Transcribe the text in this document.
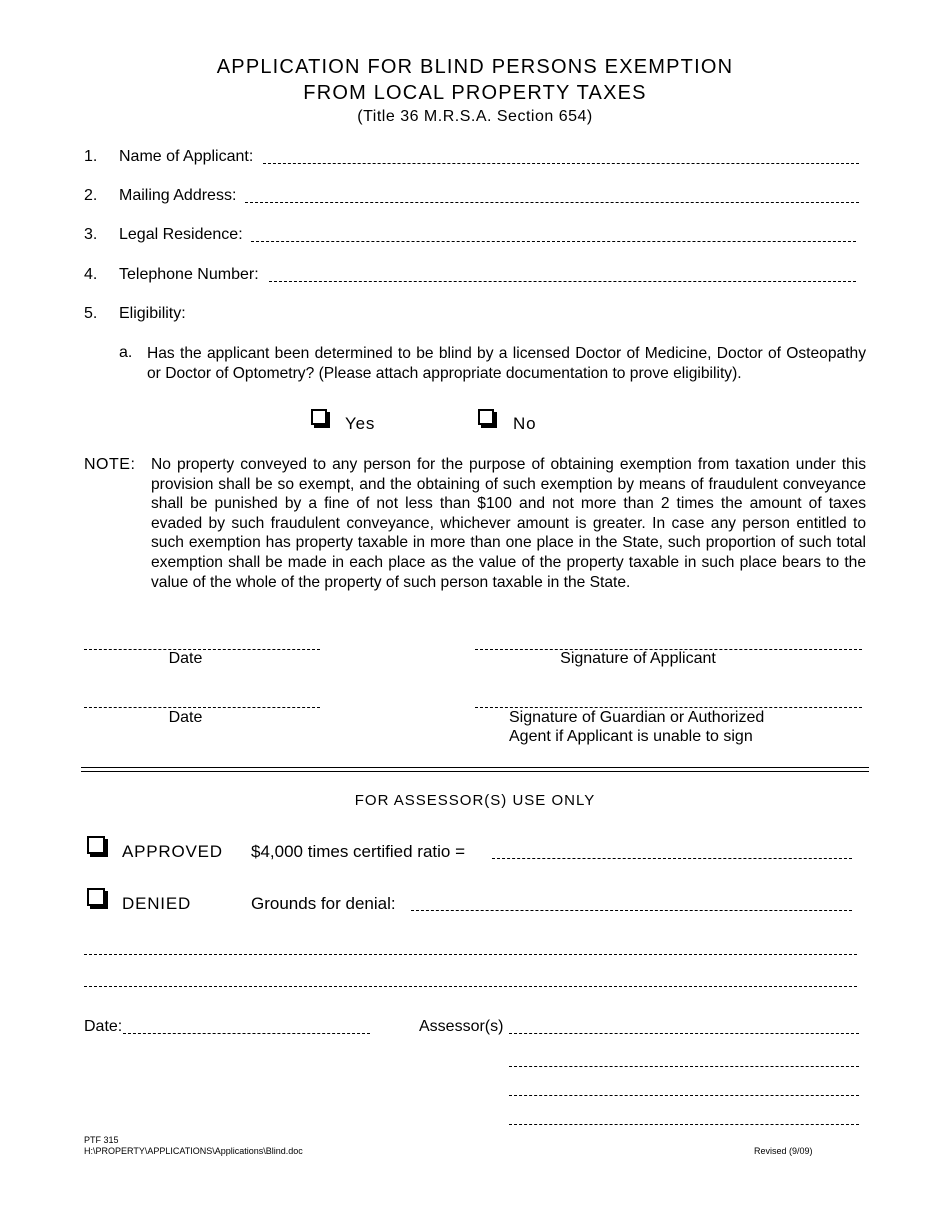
APPLICATION FOR BLIND PERSONS EXEMPTION
FROM LOCAL PROPERTY TAXES
(Title 36 M.R.S.A. Section 654)
1.	Name of Applicant:
2.	Mailing Address:
3.	Legal Residence:
4.	Telephone Number:
5.	Eligibility:
a. Has the applicant been determined to be blind by a licensed Doctor of Medicine, Doctor of Osteopathy or Doctor of Optometry? (Please attach appropriate documentation to prove eligibility).
Yes	No
NOTE: No property conveyed to any person for the purpose of obtaining exemption from taxation under this provision shall be so exempt, and the obtaining of such exemption by means of fraudulent conveyance shall be punished by a fine of not less than $100 and not more than 2 times the amount of taxes evaded by such fraudulent conveyance, whichever amount is greater. In case any person entitled to such exemption has property taxable in more than one place in the State, such proportion of such total exemption shall be made in each place as the value of the property taxable in such place bears to the value of the whole of the property of such person taxable in the State.
Date	Signature of Applicant
Date	Signature of Guardian or Authorized
Agent if Applicant is unable to sign
FOR ASSESSOR(S) USE ONLY
APPROVED $4,000 times certified ratio =
DENIED	Grounds for denial:
Date:	Assessor(s)
PTF 315
H:\PROPERTY\APPLICATIONS\Applications\Blind.doc	Revised (9/09)
